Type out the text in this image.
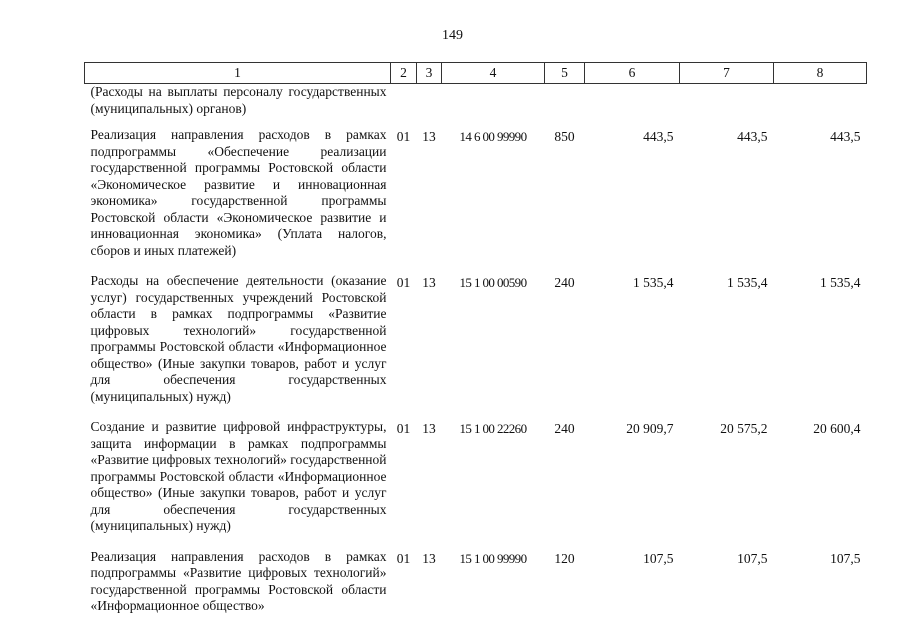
149
1	2	3	4	5	6	7	8
(Расходы на выплаты персоналу государственных (муниципальных) органов)							
Реализация направления расходов в рамках подпрограммы «Обеспечение реализации государственной программы Ростовской области «Экономическое развитие и инновационная экономика» государственной программы Ростовской области «Экономическое развитие и инновационная экономика» (Уплата налогов, сборов и иных платежей)	01	13	14 6 00 99990	850	443,5	443,5	443,5
Расходы на обеспечение деятельности (оказание услуг) государственных учреждений Ростовской области в рамках подпрограммы «Развитие цифровых технологий» государственной программы Ростовской области «Информационное общество» (Иные закупки товаров, работ и услуг для обеспечения государственных (муниципальных) нужд)	01	13	15 1 00 00590	240	1 535,4	1 535,4	1 535,4
Создание и развитие цифровой инфраструктуры, защита информации в рамках подпрограммы «Развитие цифровых технологий» государственной программы Ростовской области «Информационное общество» (Иные закупки товаров, работ и услуг для обеспечения государственных (муниципальных) нужд)	01	13	15 1 00 22260	240	20 909,7	20 575,2	20 600,4
Реализация направления расходов в рамках подпрограммы «Развитие цифровых технологий» государственной программы Ростовской области «Информационное общество»	01	13	15 1 00 99990	120	107,5	107,5	107,5
